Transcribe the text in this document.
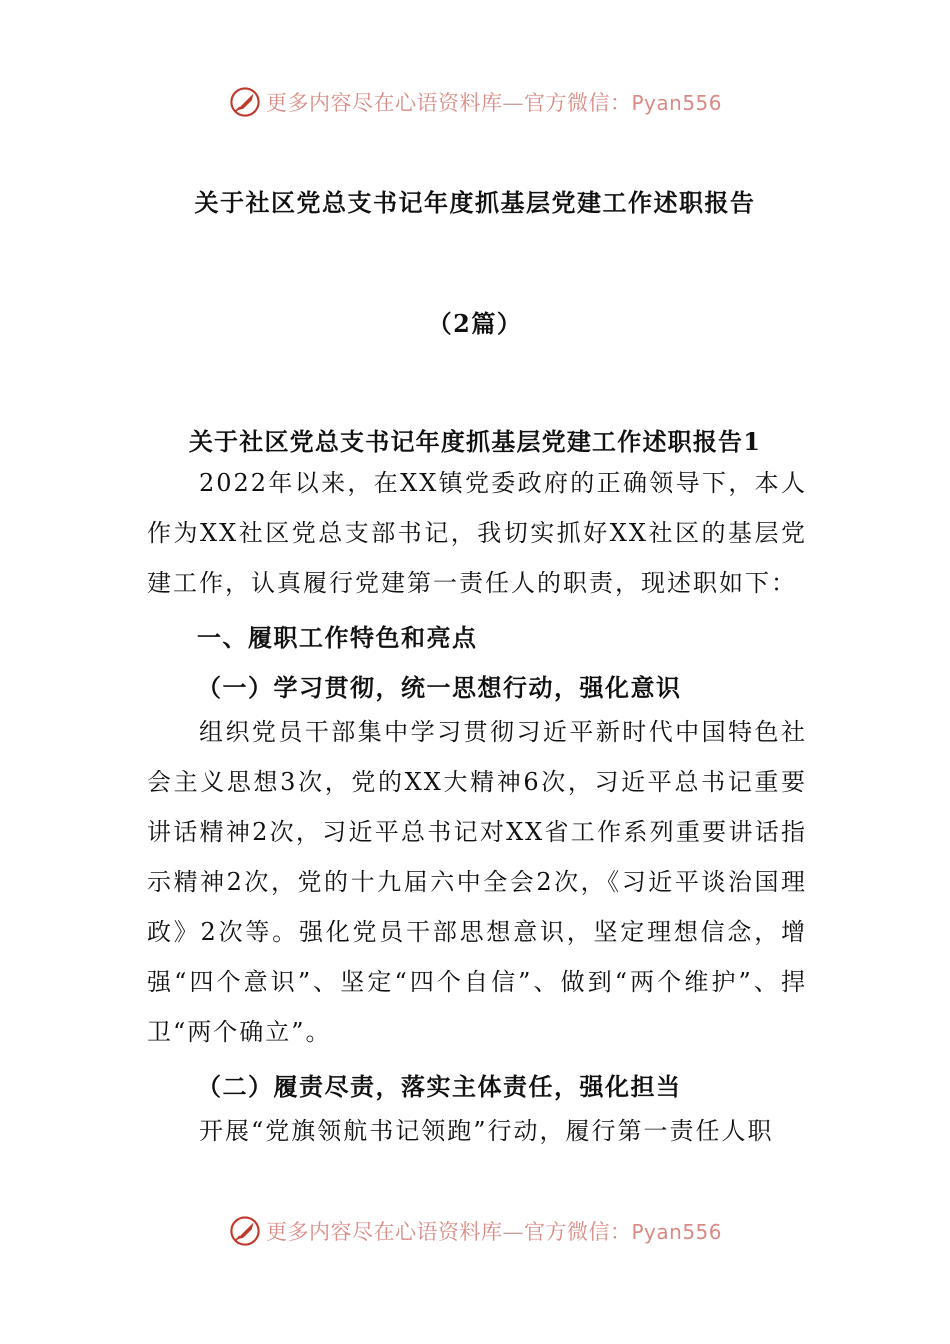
更多内容尽在心语资料库—官方微信：Pyan556
关于社区党总支书记年度抓基层党建工作述职报告
（2篇）
关于社区党总支书记年度抓基层党建工作述职报告1

2022年以来，在XX镇党委政府的正确领导下，本人作为XX社区党总支部书记，我切实抓好XX社区的基层党建工作，认真履行党建第一责任人的职责，现述职如下：

一、履职工作特色和亮点
（一）学习贯彻，统一思想行动，强化意识

组织党员干部集中学习贯彻习近平新时代中国特色社会主义思想3次，党的XX大精神6次，习近平总书记重要讲话精神2次，习近平总书记对XX省工作系列重要讲话指示精神2次，党的十九届六中全会2次，《习近平谈治国理政》2次等。强化党员干部思想意识，坚定理想信念，增强“四个意识”、坚定“四个自信”、做到“两个维护”、捍卫“两个确立”。

（二）履责尽责，落实主体责任，强化担当

开展“党旗领航书记领跑”行动，履行第一责任人职

更多内容尽在心语资料库—官方微信：Pyan556
